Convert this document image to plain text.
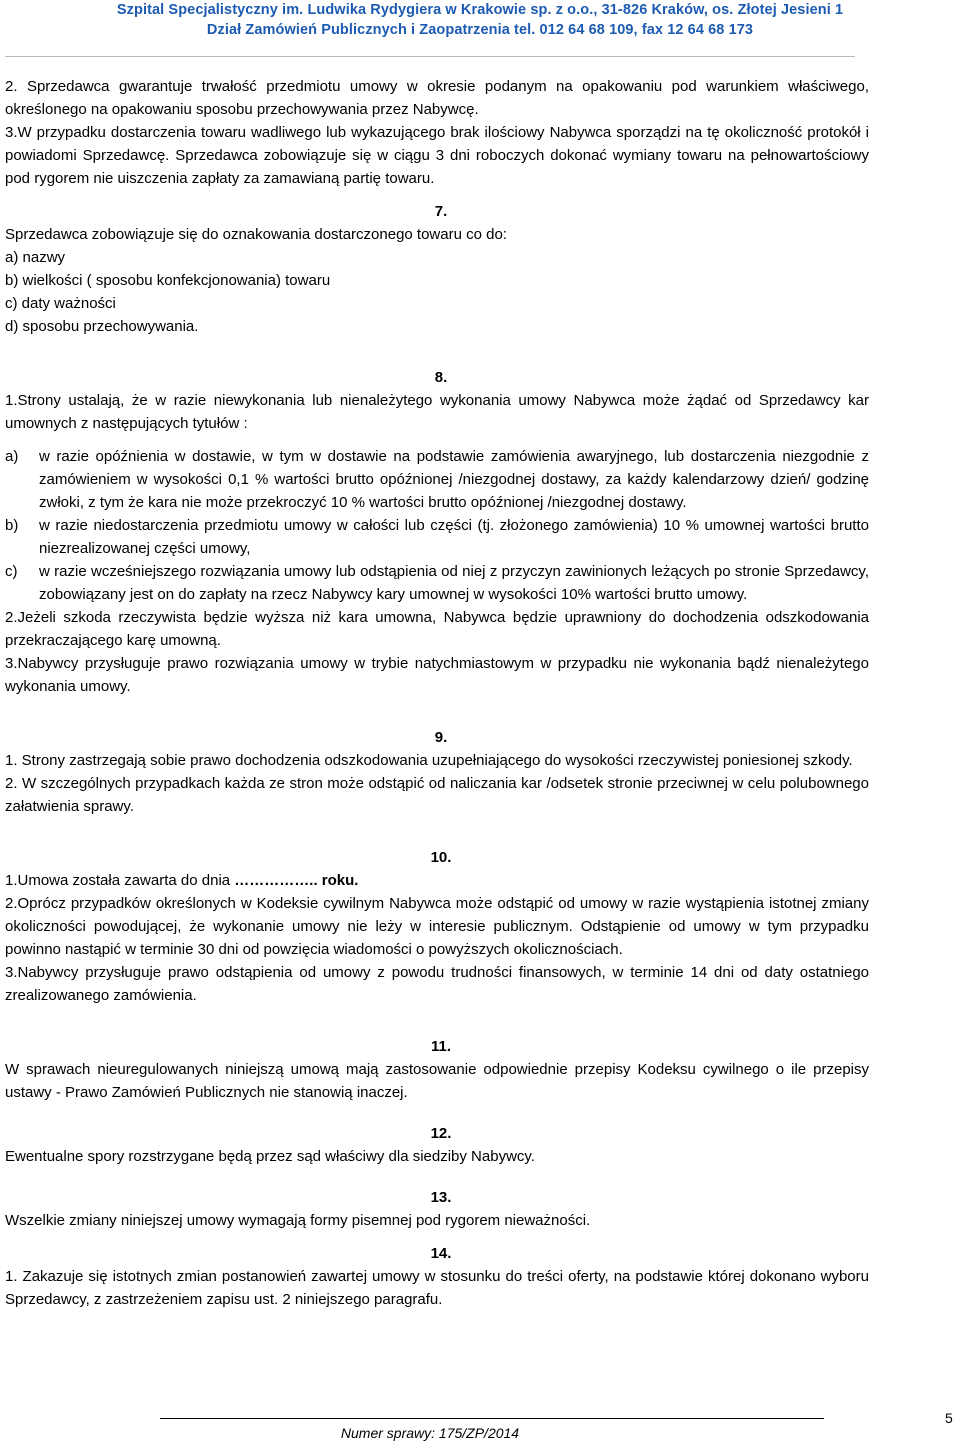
Szpital Specjalistyczny im. Ludwika Rydygiera w Krakowie sp. z o.o., 31-826 Kraków, os. Złotej Jesieni 1
Dział Zamówień Publicznych i Zaopatrzenia tel. 012 64 68 109, fax 12 64 68 173

2. Sprzedawca gwarantuje trwałość przedmiotu umowy w okresie podanym na opakowaniu pod warunkiem właściwego, określonego na opakowaniu sposobu przechowywania przez Nabywcę.

3.W przypadku dostarczenia towaru wadliwego lub wykazującego brak ilościowy Nabywca sporządzi na tę okoliczność protokół i powiadomi Sprzedawcę. Sprzedawca zobowiązuje się w ciągu 3 dni roboczych dokonać wymiany towaru na pełnowartościowy pod rygorem nie uiszczenia zapłaty za zamawianą partię towaru.

7.

Sprzedawca zobowiązuje się do oznakowania dostarczonego towaru co do:

a) nazwy

b) wielkości ( sposobu konfekcjonowania) towaru

c) daty ważności

d) sposobu przechowywania.

8.

1.Strony ustalają, że w razie niewykonania lub nienależytego wykonania umowy Nabywca może żądać od Sprzedawcy kar umownych z następujących tytułów :

a) w razie opóźnienia w dostawie, w tym w dostawie na podstawie zamówienia awaryjnego, lub dostarczenia niezgodnie z zamówieniem w wysokości 0,1 % wartości brutto opóźnionej /niezgodnej dostawy, za każdy kalendarzowy dzień/ godzinę zwłoki, z tym że kara nie może przekroczyć 10 % wartości brutto opóźnionej /niezgodnej dostawy.

b) w razie niedostarczenia przedmiotu umowy w całości lub części (tj. złożonego zamówienia) 10 % umownej wartości brutto niezrealizowanej części umowy,

c) w razie wcześniejszego rozwiązania umowy lub odstąpienia od niej z przyczyn zawinionych leżących po stronie Sprzedawcy, zobowiązany jest on do zapłaty na rzecz Nabywcy kary umownej w wysokości 10% wartości brutto umowy.

2.Jeżeli szkoda rzeczywista będzie wyższa niż kara umowna, Nabywca będzie uprawniony do dochodzenia odszkodowania przekraczającego karę umowną.

3.Nabywcy przysługuje prawo rozwiązania umowy w trybie natychmiastowym w przypadku nie wykonania bądź nienależytego wykonania umowy.

9.

1. Strony zastrzegają sobie prawo dochodzenia odszkodowania uzupełniającego do wysokości rzeczywistej poniesionej szkody.

2. W szczególnych przypadkach każda ze stron może odstąpić od naliczania kar /odsetek stronie przeciwnej w celu polubownego załatwienia sprawy.

10.

1.Umowa została zawarta do dnia …………….. roku.

2.Oprócz przypadków określonych w Kodeksie cywilnym Nabywca może odstąpić od umowy w razie wystąpienia istotnej zmiany okoliczności powodującej, że wykonanie umowy nie leży w interesie publicznym. Odstąpienie od umowy w tym przypadku powinno nastąpić w terminie 30 dni od powzięcia wiadomości o powyższych okolicznościach.

3.Nabywcy przysługuje prawo odstąpienia od umowy z powodu trudności finansowych, w terminie 14 dni od daty ostatniego zrealizowanego zamówienia.

11.

W sprawach nieuregulowanych niniejszą umową mają zastosowanie odpowiednie przepisy Kodeksu cywilnego o ile przepisy ustawy - Prawo Zamówień Publicznych nie stanowią inaczej.

12.

Ewentualne spory rozstrzygane będą przez sąd właściwy dla siedziby Nabywcy.

13.

Wszelkie zmiany niniejszej umowy wymagają formy pisemnej pod rygorem nieważności.

14.

1. Zakazuje się istotnych zmian postanowień zawartej umowy w stosunku do treści oferty, na podstawie której dokonano wyboru Sprzedawcy, z zastrzeżeniem zapisu ust. 2 niniejszego paragrafu.

Numer sprawy: 175/ZP/2014
5
